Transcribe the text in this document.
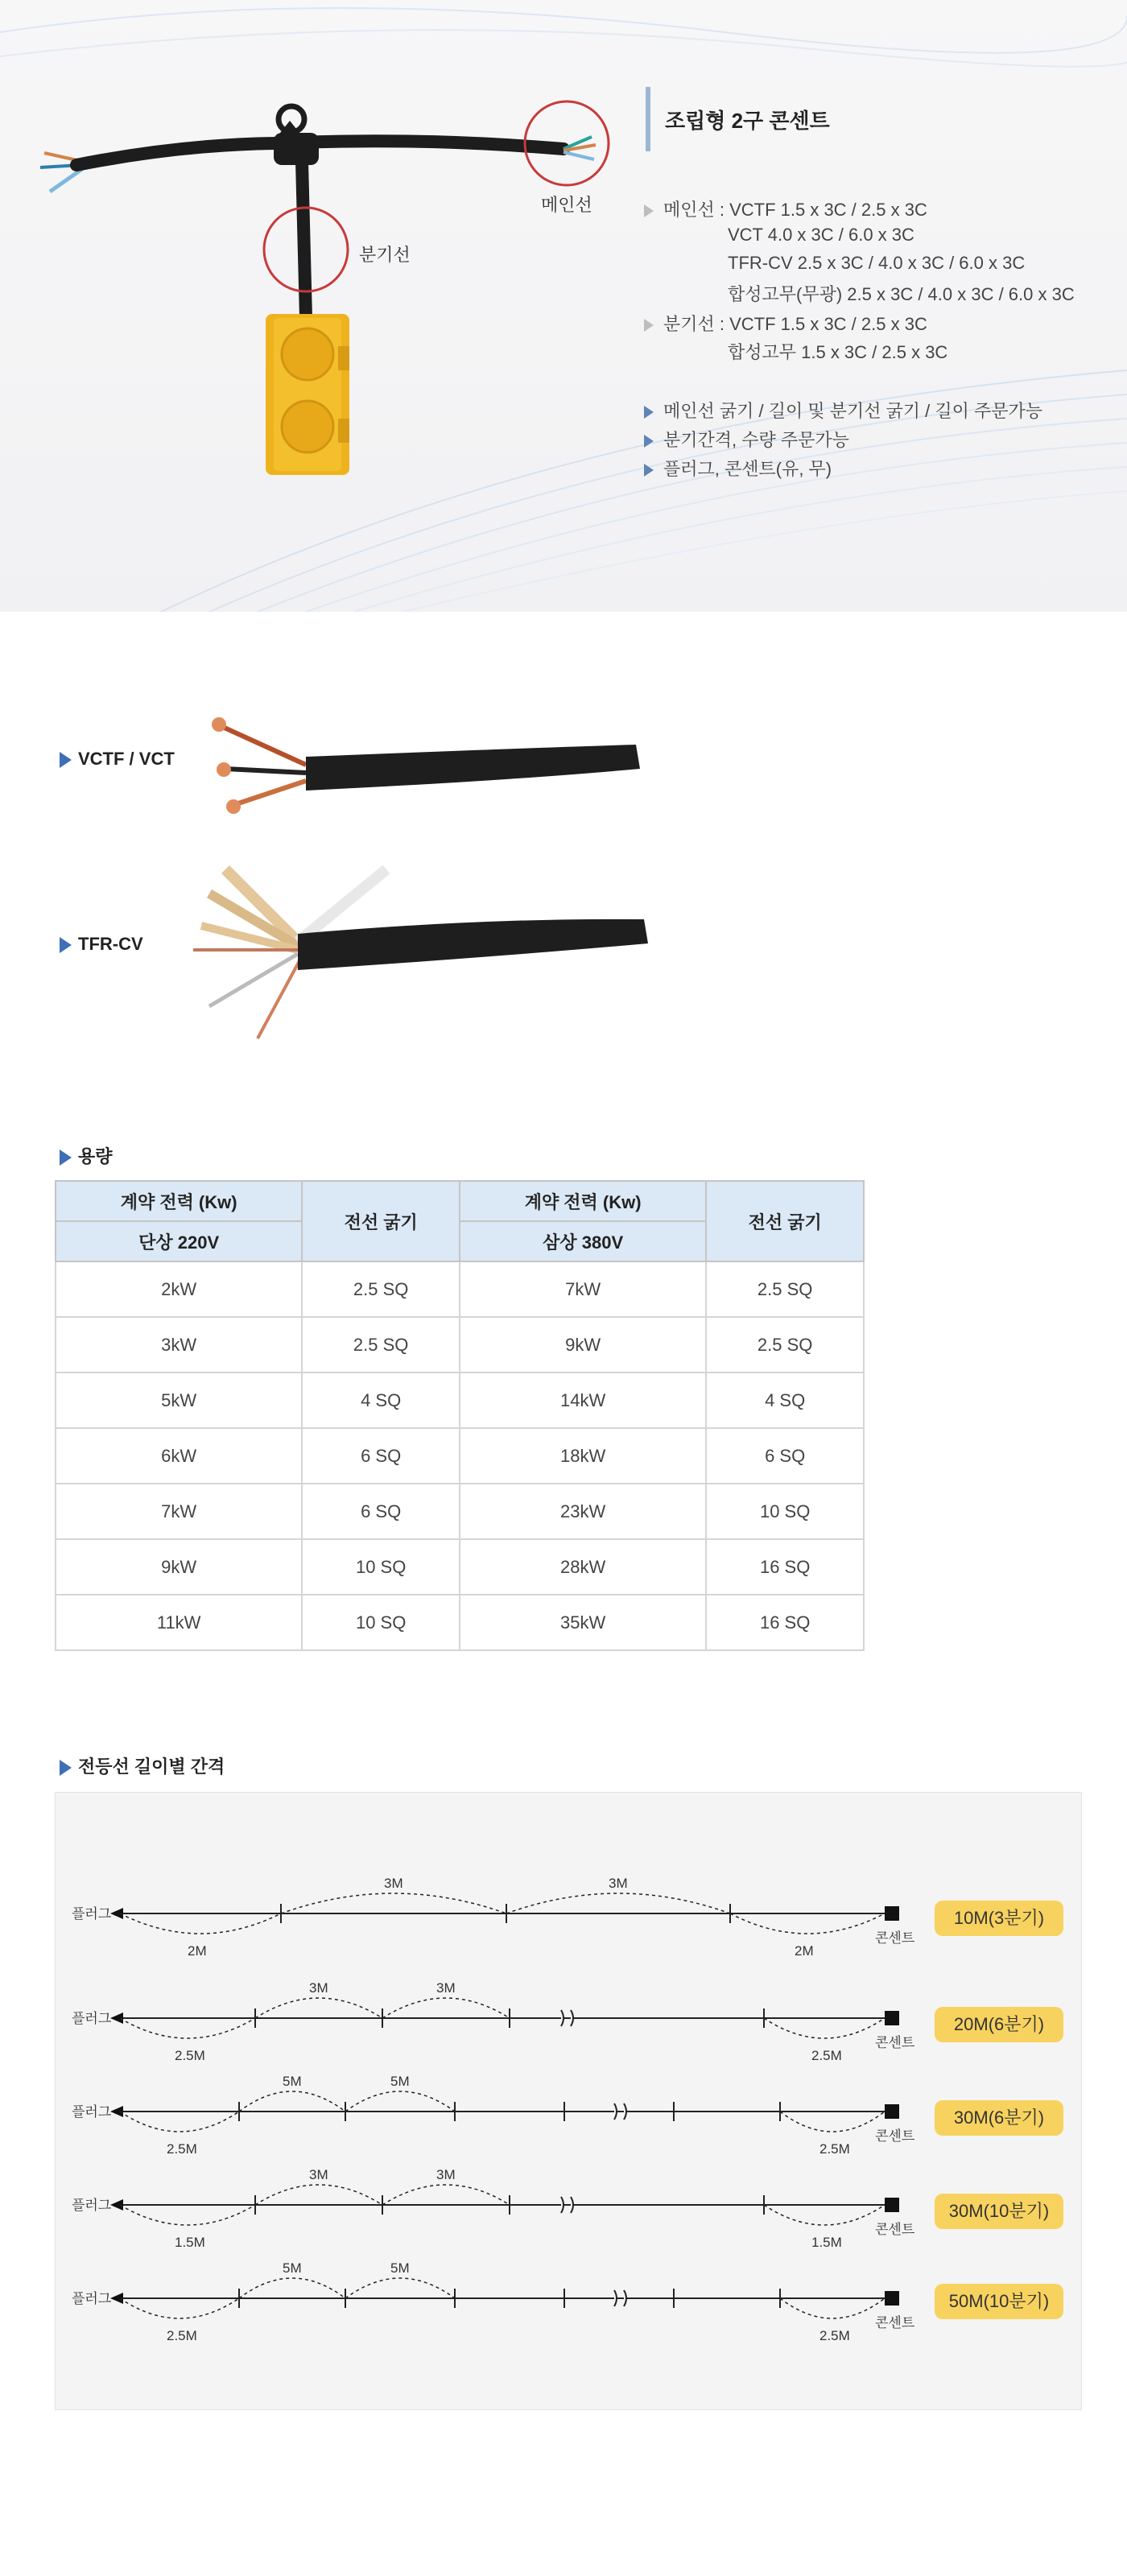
분기선
메인선
조립형 2구 콘센트
메인선 : VCTF 1.5 x 3C / 2.5 x 3C
VCT 4.0 x 3C / 6.0 x 3C
TFR-CV 2.5 x 3C / 4.0 x 3C / 6.0 x 3C
합성고무(무광) 2.5 x 3C / 4.0 x 3C / 6.0 x 3C
분기선 : VCTF 1.5 x 3C / 2.5 x 3C
합성고무 1.5 x 3C / 2.5 x 3C
메인선 굵기 / 길이 및 분기선 굵기 / 길이 주문가능
분기간격, 수량 주문가능
플러그, 콘센트(유, 무)
VCTF / VCT
TFR-CV
용량
계약 전력 (Kw)	전선 굵기	계약 전력 (Kw)	전선 굵기
단상 220V		삼상 380V	
2kW	2.5 SQ	7kW	2.5 SQ
3kW	2.5 SQ	9kW	2.5 SQ
5kW	4 SQ	14kW	4 SQ
6kW	6 SQ	18kW	6 SQ
7kW	6 SQ	23kW	10 SQ
9kW	10 SQ	28kW	16 SQ
11kW	10 SQ	35kW	16 SQ
전등선 길이별 간격
플러그
콘센트
2M	2M
3M	3M
플러그
콘센트
2.5M	2.5M
3M	3M
플러그
콘센트
2.5M	2.5M
5M	5M
플러그
콘센트
1.5M	1.5M
3M	3M
플러그
콘센트
2.5M	2.5M
5M	5M
10M(3분기)
20M(6분기)
30M(6분기)
30M(10분기)
50M(10분기)
